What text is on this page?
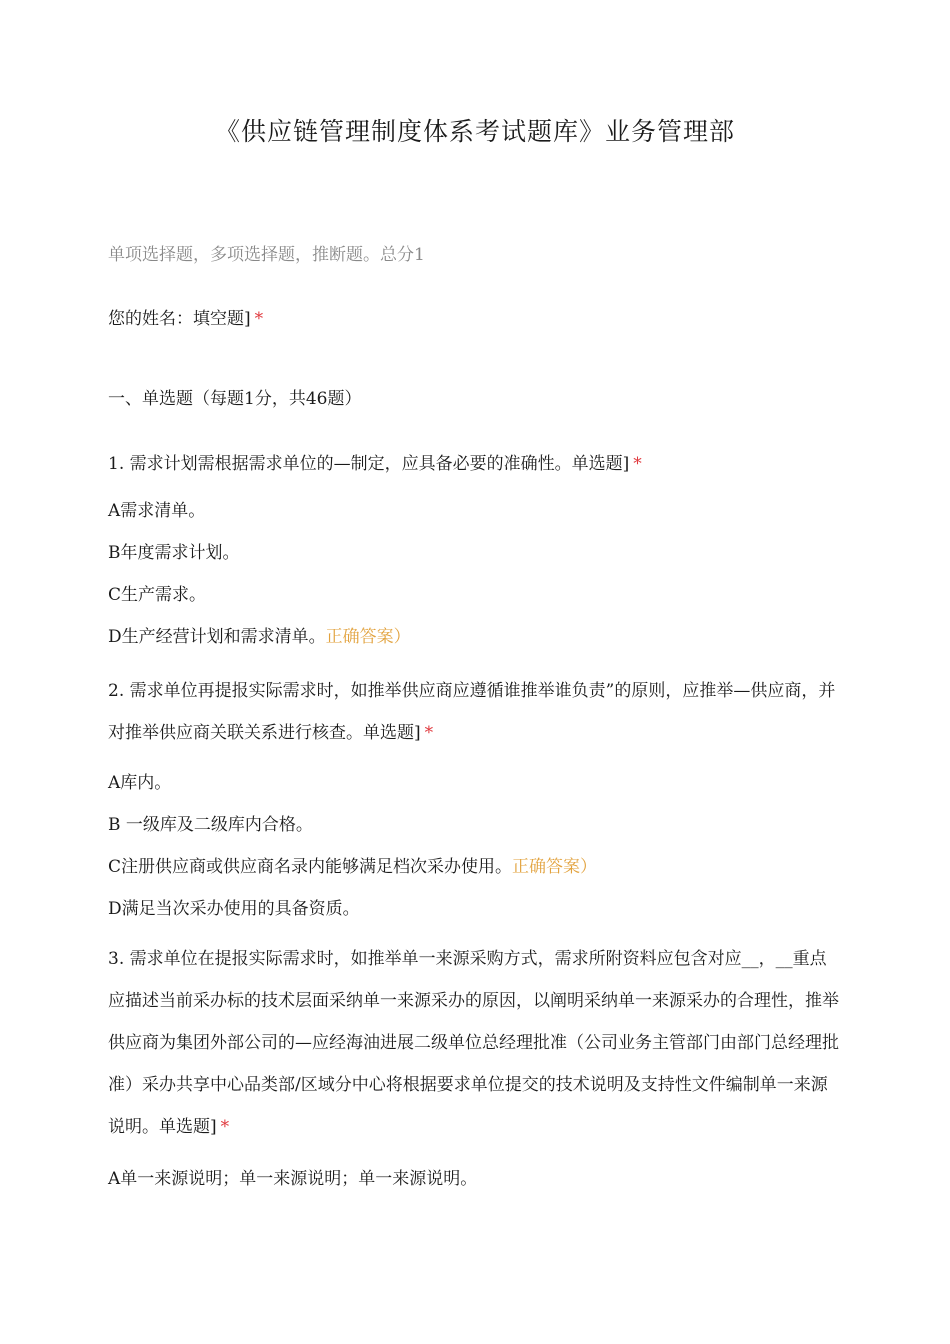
《供应链管理制度体系考试题库》业务管理部
单项选择题，多项选择题，推断题。总分1
您的姓名：填空题] *
一、单选题（每题1分，共46题）
1. 需求计划需根据需求单位的—制定，应具备必要的准确性。单选题] *
A需求清单。
B年度需求计划。
C生产需求。
D生产经营计划和需求清单。正确答案）
2. 需求单位再提报实际需求时，如推举供应商应遵循谁推举谁负责”的原则，应推举—供应商，并对推举供应商关联关系进行核查。单选题] *
A库内。
B 一级库及二级库内合格。
C注册供应商或供应商名录内能够满足档次采办使用。正确答案）
D满足当次采办使用的具备资质。
3. 需求单位在提报实际需求时，如推举单一来源采购方式，需求所附资料应包含对应__，__重点应描述当前采办标的技术层面采纳单一来源采办的原因，以阐明采纳单一来源采办的合理性，推举供应商为集团外部公司的—应经海油进展二级单位总经理批准（公司业务主管部门由部门总经理批准）采办共享中心品类部/区域分中心将根据要求单位提交的技术说明及支持性文件编制单一来源说明。单选题] *
A单一来源说明；单一来源说明；单一来源说明。
